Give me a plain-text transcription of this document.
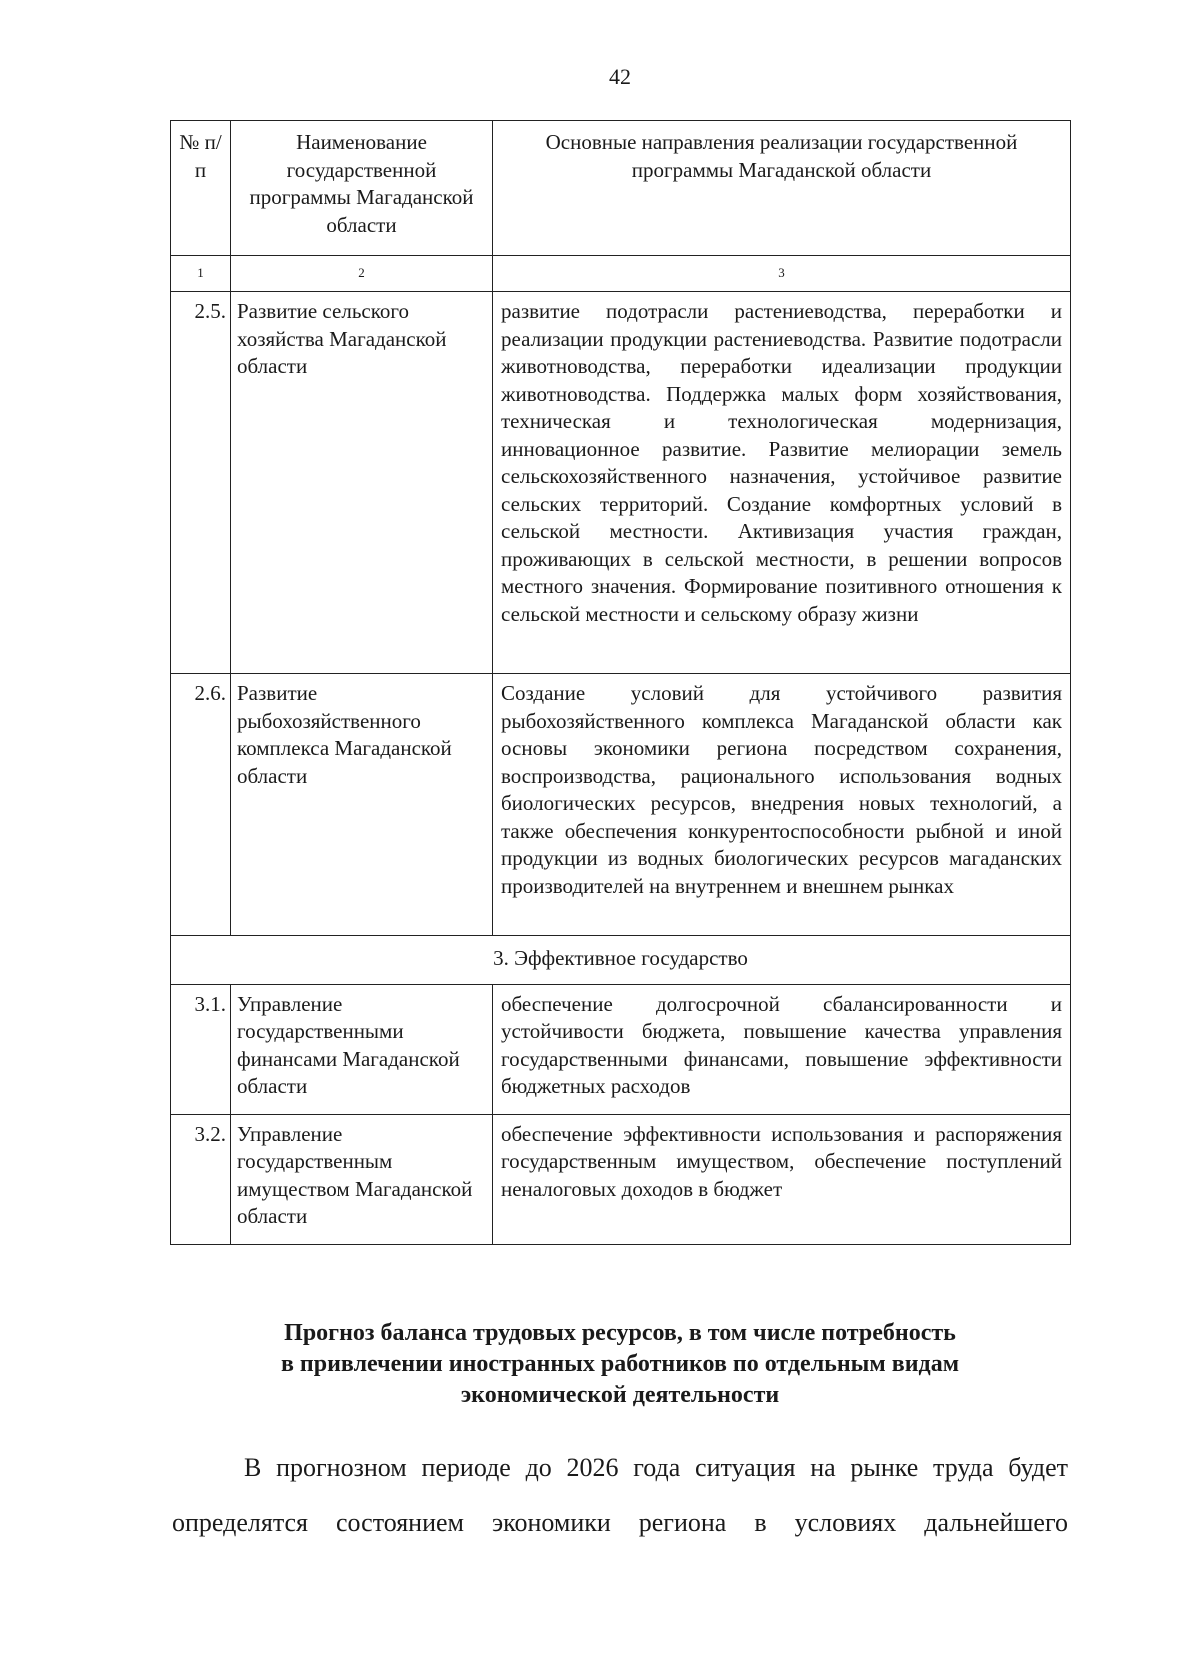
42
№ п/п	Наименование государственной программы Магаданской области	Основные направления реализации государственной программы Магаданской области
1	2	3
2.5.	Развитие сельского хозяйства Магаданской области	развитие подотрасли растениеводства, переработки и реализации продукции растениеводства. Развитие подотрасли животноводства, переработки идеализации продукции животноводства. Поддержка малых форм хозяйствования, техническая и технологическая модернизация, инновационное развитие. Развитие мелиорации земель сельскохозяйственного назначения, устойчивое развитие сельских территорий. Создание комфортных условий в сельской местности. Активизация участия граждан, проживающих в сельской местности, в решении вопросов местного значения. Формирование позитивного отношения к сельской местности и сельскому образу жизни
2.6.	Развитие рыбохозяйственного комплекса Магаданской области	Создание условий для устойчивого развития рыбохозяйственного комплекса Магаданской области как основы экономики региона посредством сохранения, воспроизводства, рационального использования водных биологических ресурсов, внедрения новых технологий, а также обеспечения конкурентоспособности рыбной и иной продукции из водных биологических ресурсов магаданских производителей на внутреннем и внешнем рынках
3. Эффективное государство		
3.1.	Управление государственными финансами Магаданской области	обеспечение долгосрочной сбалансированности и устойчивости бюджета, повышение качества управления государственными финансами, повышение эффективности бюджетных расходов
3.2.	Управление государственным имуществом Магаданской области	обеспечение эффективности использования и распоряжения государственным имуществом, обеспечение поступлений неналоговых доходов в бюджет
Прогноз баланса трудовых ресурсов, в том числе потребность
в привлечении иностранных работников по отдельным видам
экономической деятельности
В прогнозном периоде до 2026 года ситуация на рынке труда будет
определятся состоянием экономики региона в условиях дальнейшего
